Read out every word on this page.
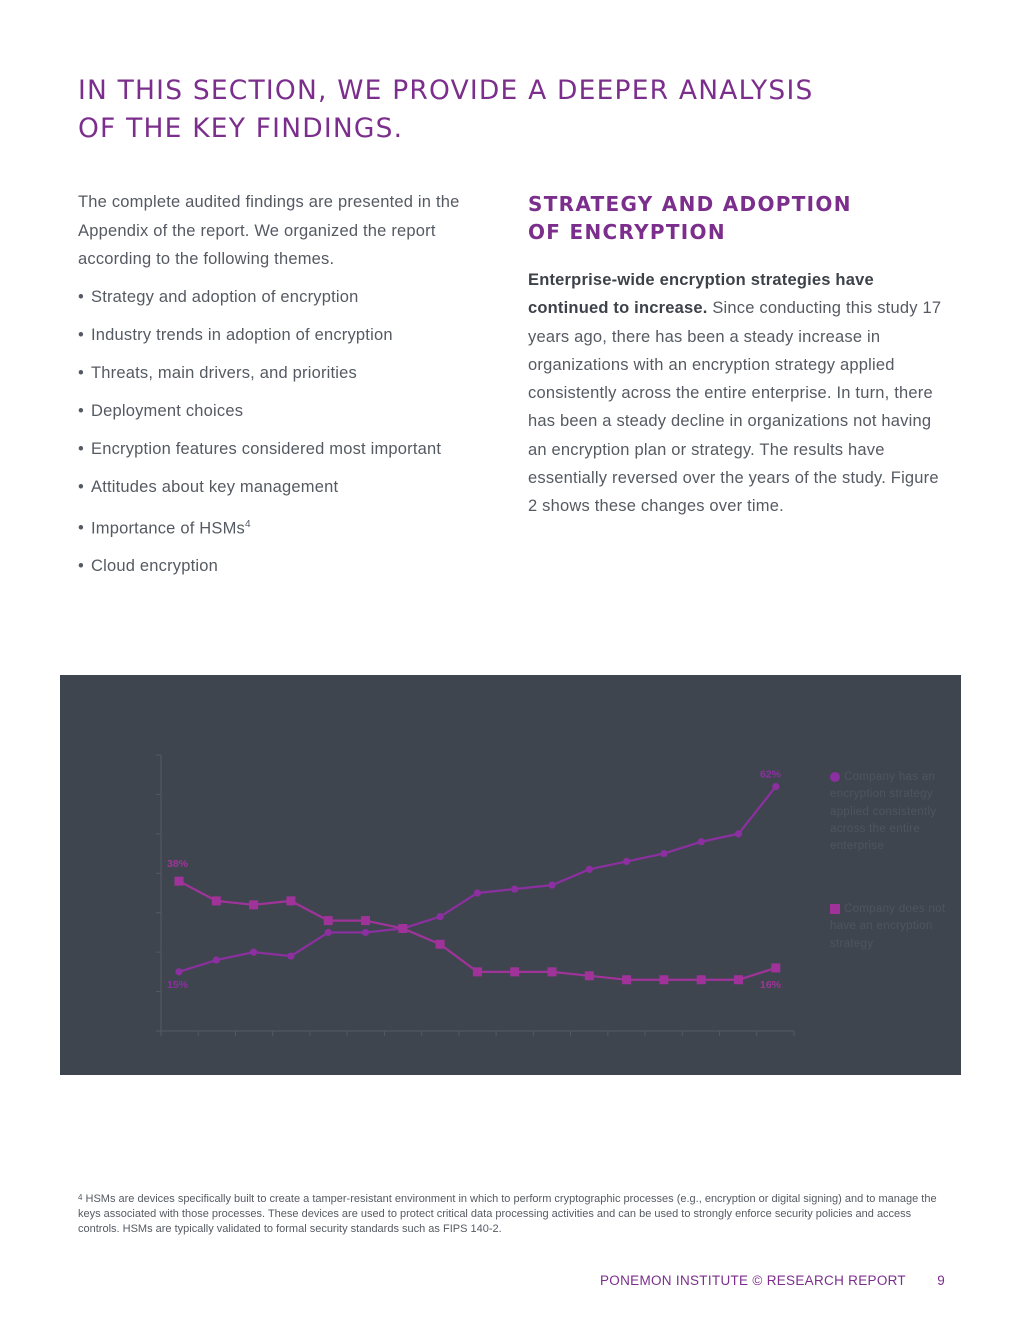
IN THIS SECTION, WE PROVIDE A DEEPER ANALYSIS
OF THE KEY FINDINGS.

The complete audited findings are presented in the Appendix of the report. We organized the report according to the following themes.

• Strategy and adoption of encryption
• Industry trends in adoption of encryption
• Threats, main drivers, and priorities
• Deployment choices
• Encryption features considered most important
• Attitudes about key management
• Importance of HSMs$^4$
• Cloud encryption
STRATEGY AND ADOPTION
OF ENCRYPTION

Enterprise-wide encryption strategies have continued to increase. Since conducting this study 17 years ago, there has been a steady increase in organizations with an encryption strategy applied consistently across the entire enterprise. In turn, there has been a steady decline in organizations not having an encryption plan or strategy. The results have essentially reversed over the years of the study. Figure 2 shows these changes over time.

15%
62%
38%
16%
Company has an encryption strategy applied consistently across the entire enterprise
Company does not have an encryption strategy

$^4$ HSMs are devices specifically built to create a tamper-resistant environment in which to perform cryptographic processes (e.g., encryption or digital signing) and to manage the keys associated with those processes. These devices are used to protect critical data processing activities and can be used to strongly enforce security policies and access controls. HSMs are typically validated to formal security standards such as FIPS 140-2.

PONEMON INSTITUTE © RESEARCH REPORT 9
